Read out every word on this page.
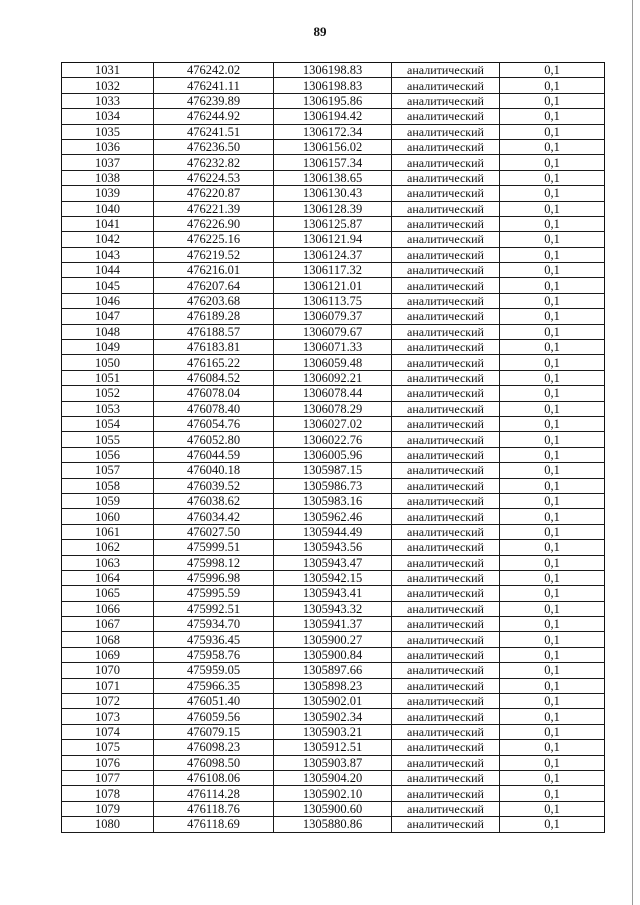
89
1031	476242.02	1306198.83	аналитический	0,1
1032	476241.11	1306198.83	аналитический	0,1
1033	476239.89	1306195.86	аналитический	0,1
1034	476244.92	1306194.42	аналитический	0,1
1035	476241.51	1306172.34	аналитический	0,1
1036	476236.50	1306156.02	аналитический	0,1
1037	476232.82	1306157.34	аналитический	0,1
1038	476224.53	1306138.65	аналитический	0,1
1039	476220.87	1306130.43	аналитический	0,1
1040	476221.39	1306128.39	аналитический	0,1
1041	476226.90	1306125.87	аналитический	0,1
1042	476225.16	1306121.94	аналитический	0,1
1043	476219.52	1306124.37	аналитический	0,1
1044	476216.01	1306117.32	аналитический	0,1
1045	476207.64	1306121.01	аналитический	0,1
1046	476203.68	1306113.75	аналитический	0,1
1047	476189.28	1306079.37	аналитический	0,1
1048	476188.57	1306079.67	аналитический	0,1
1049	476183.81	1306071.33	аналитический	0,1
1050	476165.22	1306059.48	аналитический	0,1
1051	476084.52	1306092.21	аналитический	0,1
1052	476078.04	1306078.44	аналитический	0,1
1053	476078.40	1306078.29	аналитический	0,1
1054	476054.76	1306027.02	аналитический	0,1
1055	476052.80	1306022.76	аналитический	0,1
1056	476044.59	1306005.96	аналитический	0,1
1057	476040.18	1305987.15	аналитический	0,1
1058	476039.52	1305986.73	аналитический	0,1
1059	476038.62	1305983.16	аналитический	0,1
1060	476034.42	1305962.46	аналитический	0,1
1061	476027.50	1305944.49	аналитический	0,1
1062	475999.51	1305943.56	аналитический	0,1
1063	475998.12	1305943.47	аналитический	0,1
1064	475996.98	1305942.15	аналитический	0,1
1065	475995.59	1305943.41	аналитический	0,1
1066	475992.51	1305943.32	аналитический	0,1
1067	475934.70	1305941.37	аналитический	0,1
1068	475936.45	1305900.27	аналитический	0,1
1069	475958.76	1305900.84	аналитический	0,1
1070	475959.05	1305897.66	аналитический	0,1
1071	475966.35	1305898.23	аналитический	0,1
1072	476051.40	1305902.01	аналитический	0,1
1073	476059.56	1305902.34	аналитический	0,1
1074	476079.15	1305903.21	аналитический	0,1
1075	476098.23	1305912.51	аналитический	0,1
1076	476098.50	1305903.87	аналитический	0,1
1077	476108.06	1305904.20	аналитический	0,1
1078	476114.28	1305902.10	аналитический	0,1
1079	476118.76	1305900.60	аналитический	0,1
1080	476118.69	1305880.86	аналитический	0,1
